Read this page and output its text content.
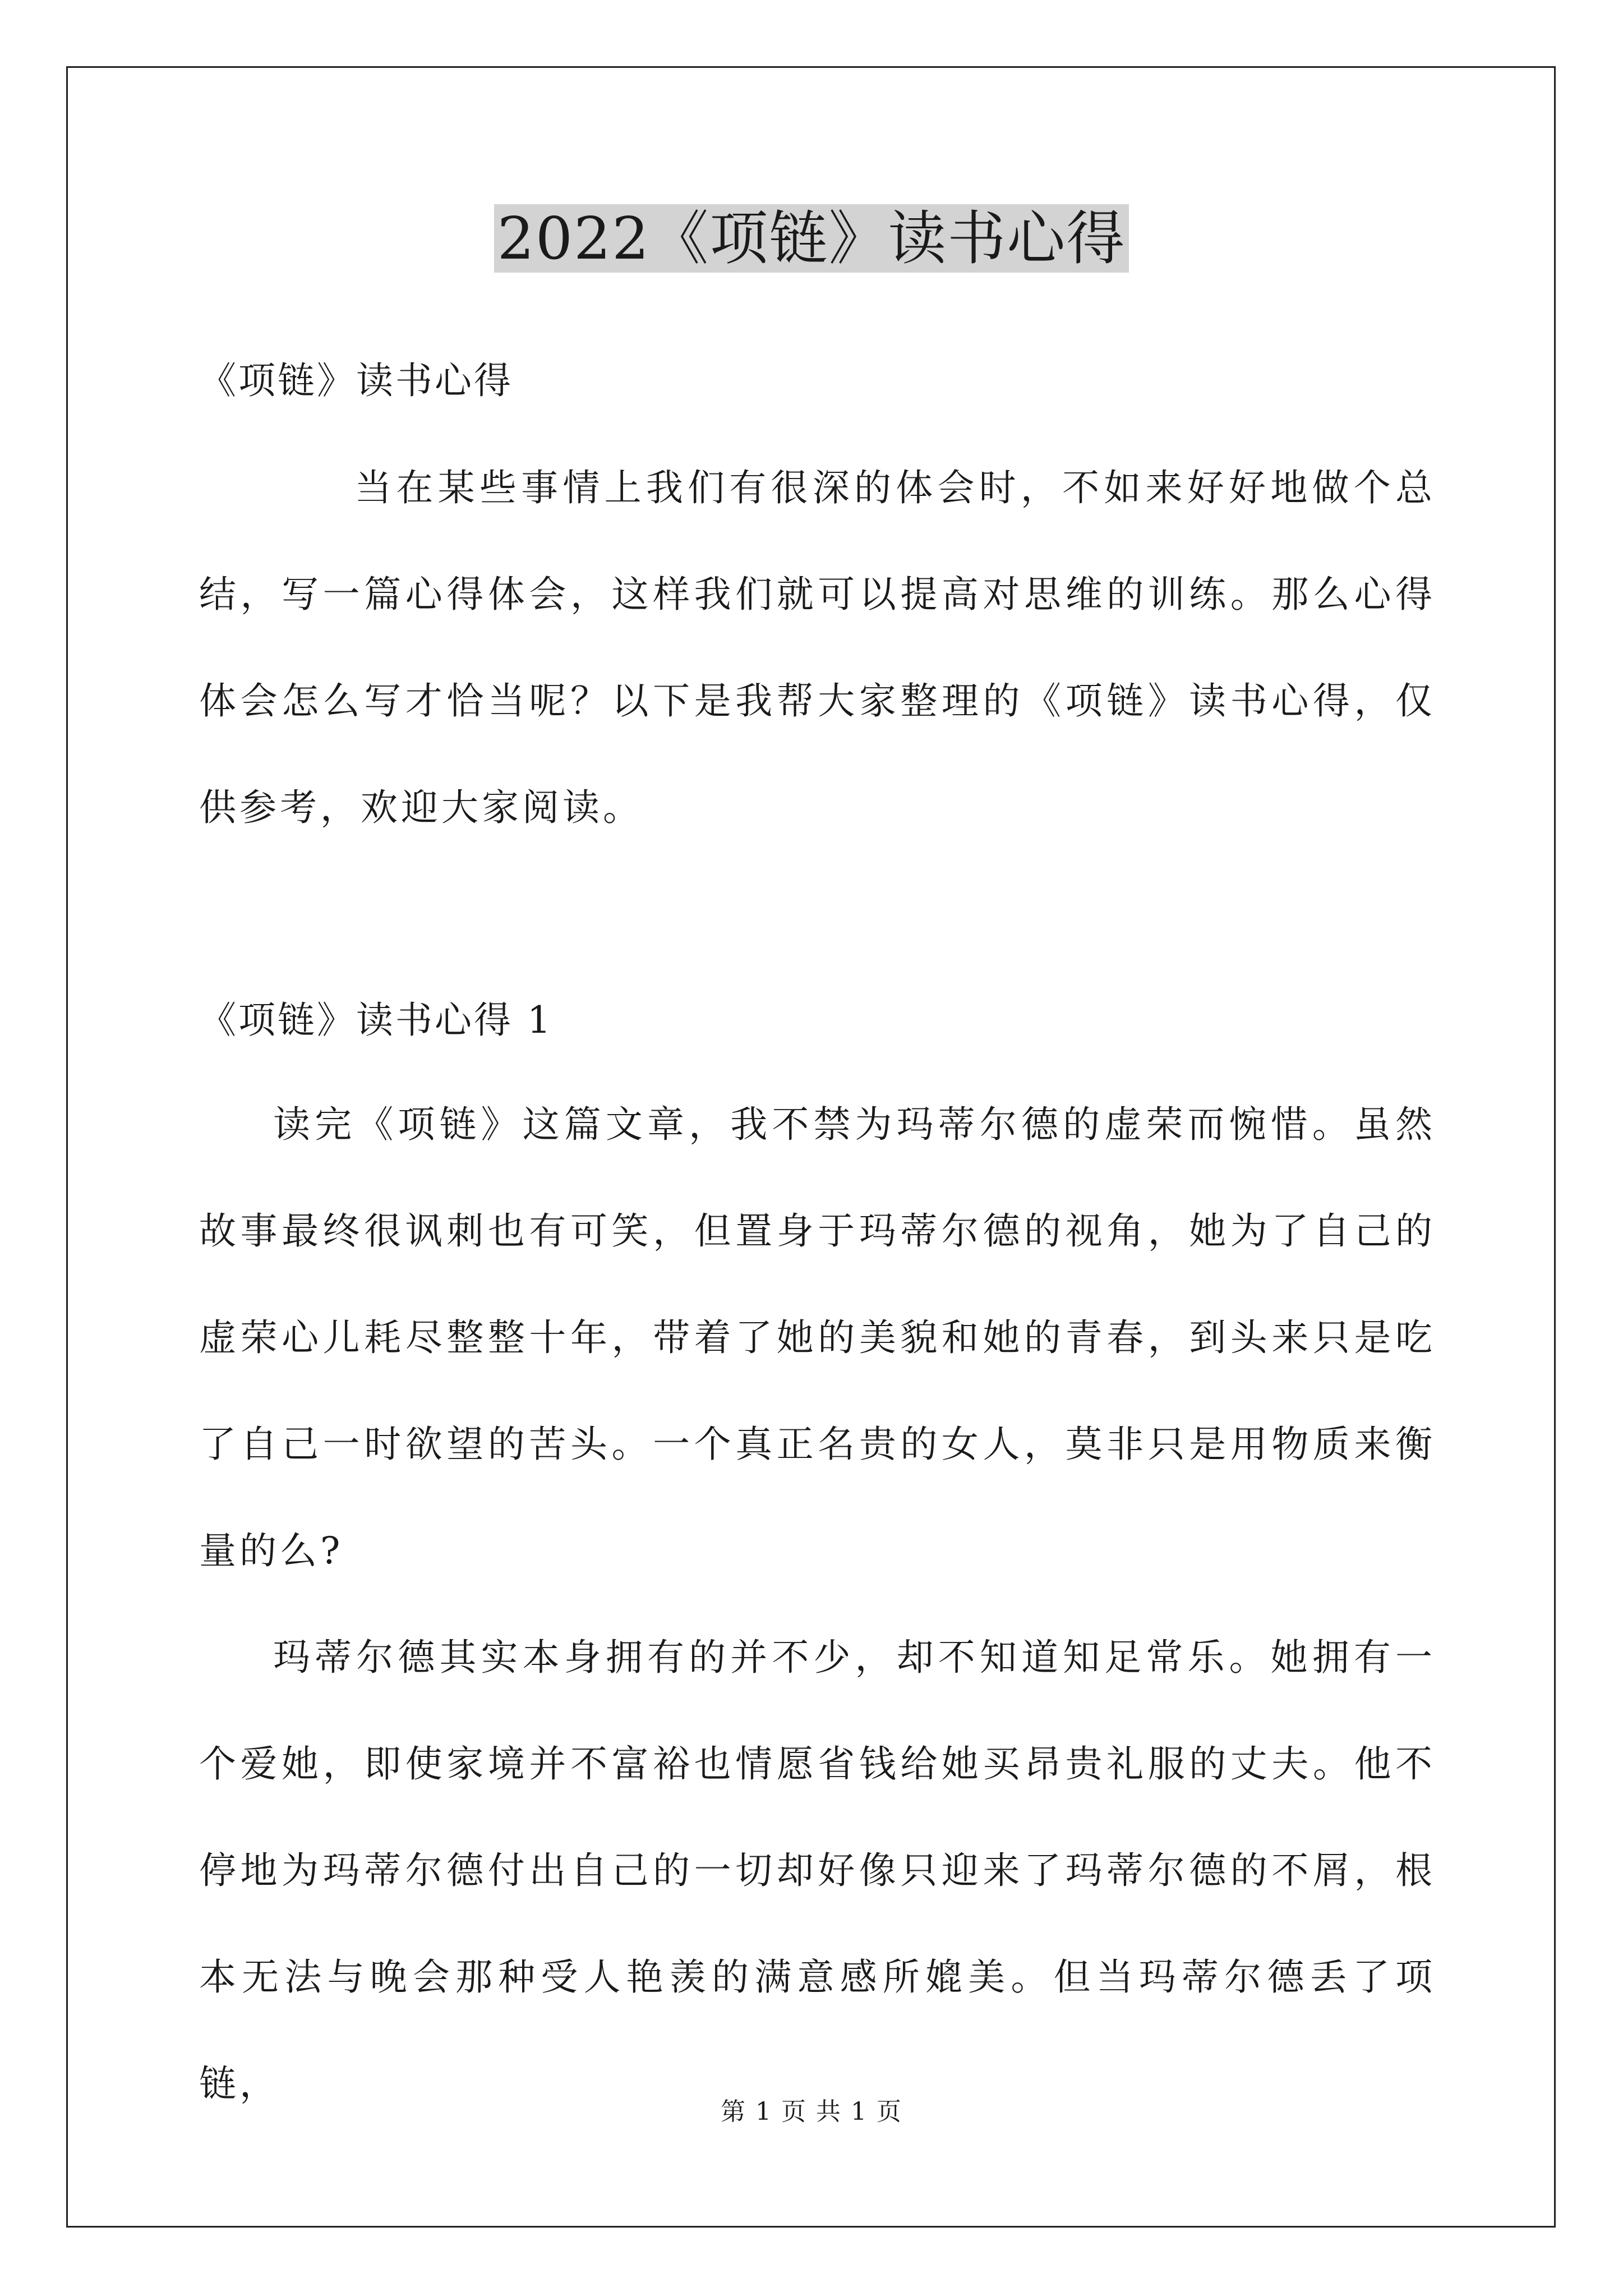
2022《项链》读书心得
《项链》读书心得

当在某些事情上我们有很深的体会时，不如来好好地做个总结，写一篇心得体会，这样我们就可以提高对思维的训练。那么心得体会怎么写才恰当呢？以下是我帮大家整理的《项链》读书心得，仅供参考，欢迎大家阅读。

《项链》读书心得 1

读完《项链》这篇文章，我不禁为玛蒂尔德的虚荣而惋惜。虽然故事最终很讽刺也有可笑，但置身于玛蒂尔德的视角，她为了自己的虚荣心儿耗尽整整十年，带着了她的美貌和她的青春，到头来只是吃了自己一时欲望的苦头。一个真正名贵的女人，莫非只是用物质来衡量的么?

玛蒂尔德其实本身拥有的并不少，却不知道知足常乐。她拥有一个爱她，即使家境并不富裕也情愿省钱给她买昂贵礼服的丈夫。他不停地为玛蒂尔德付出自己的一切却好像只迎来了玛蒂尔德的不屑，根本无法与晚会那种受人艳羡的满意感所媲美。但当玛蒂尔德丢了项链，

第 1 页 共 1 页
